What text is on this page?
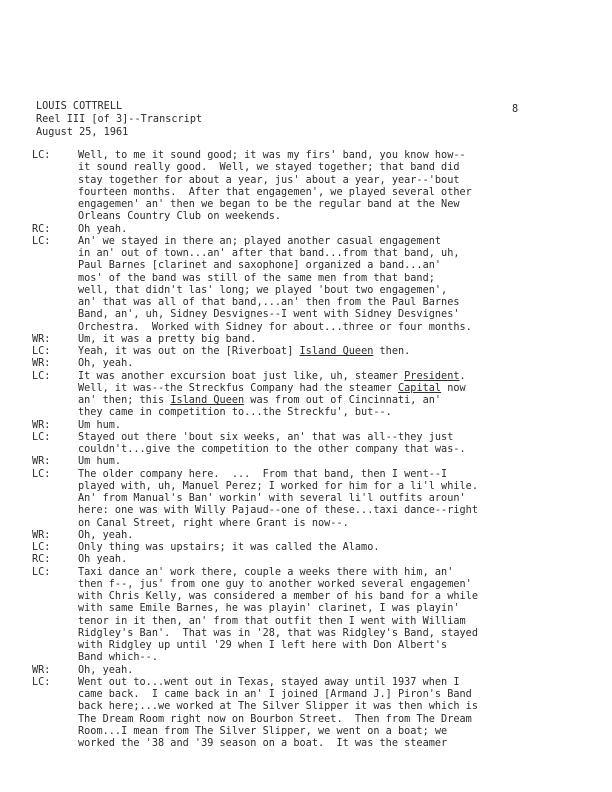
LOUIS COTTRELL
Reel III [of 3]--Transcript
August 25, 1961
8
LC:	Well, to me it sound good; it was my firs' band, you know how--
it sound really good.  Well, we stayed together; that band did
stay together for about a year, jus' about a year, year--'bout
fourteen months.  After that engagemen', we played several other
engagemen' an' then we began to be the regular band at the New
Orleans Country Club on weekends.
RC:	Oh yeah.
LC:	An' we stayed in there an; played another casual engagement
in an' out of town...an' after that band...from that band, uh,
Paul Barnes [clarinet and saxophone] organized a band...an'
mos' of the band was still of the same men from that band;
well, that didn't las' long; we played 'bout two engagemen',
an' that was all of that band,...an' then from the Paul Barnes
Band, an', uh, Sidney Desvignes--I went with Sidney Desvignes'
Orchestra.  Worked with Sidney for about...three or four months.
WR:	Um, it was a pretty big band.
LC:	Yeah, it was out on the [Riverboat] Island Queen then.
WR:	Oh, yeah.
LC:	It was another excursion boat just like, uh, steamer President.
Well, it was--the Streckfus Company had the steamer Capital now
an' then; this Island Queen was from out of Cincinnati, an'
they came in competition to...the Streckfu', but--.
WR:	Um hum.
LC:	Stayed out there 'bout six weeks, an' that was all--they just
couldn't...give the competition to the other company that was-.
WR:	Um hum.
LC:	The older company here.  ...  From that band, then I went--I
played with, uh, Manuel Perez; I worked for him for a li'l while.
An' from Manual's Ban' workin' with several li'l outfits aroun'
here: one was with Willy Pajaud--one of these...taxi dance--right
on Canal Street, right where Grant is now--.
WR:	Oh, yeah.
LC:	Only thing was upstairs; it was called the Alamo.
RC:	Oh yeah.
LC:	Taxi dance an' work there, couple a weeks there with him, an'
then f--, jus' from one guy to another worked several engagemen'
with Chris Kelly, was considered a member of his band for a while
with same Emile Barnes, he was playin' clarinet, I was playin'
tenor in it then, an' from that outfit then I went with William
Ridgley's Ban'.  That was in '28, that was Ridgley's Band, stayed
with Ridgley up until '29 when I left here with Don Albert's
Band which--.
WR:	Oh, yeah.
LC:	Went out to...went out in Texas, stayed away until 1937 when I
came back.  I came back in an' I joined [Armand J.] Piron's Band
back here;...we worked at The Silver Slipper it was then which is
The Dream Room right now on Bourbon Street.  Then from The Dream
Room...I mean from The Silver Slipper, we went on a boat; we
worked the '38 and '39 season on a boat.  It was the steamer
